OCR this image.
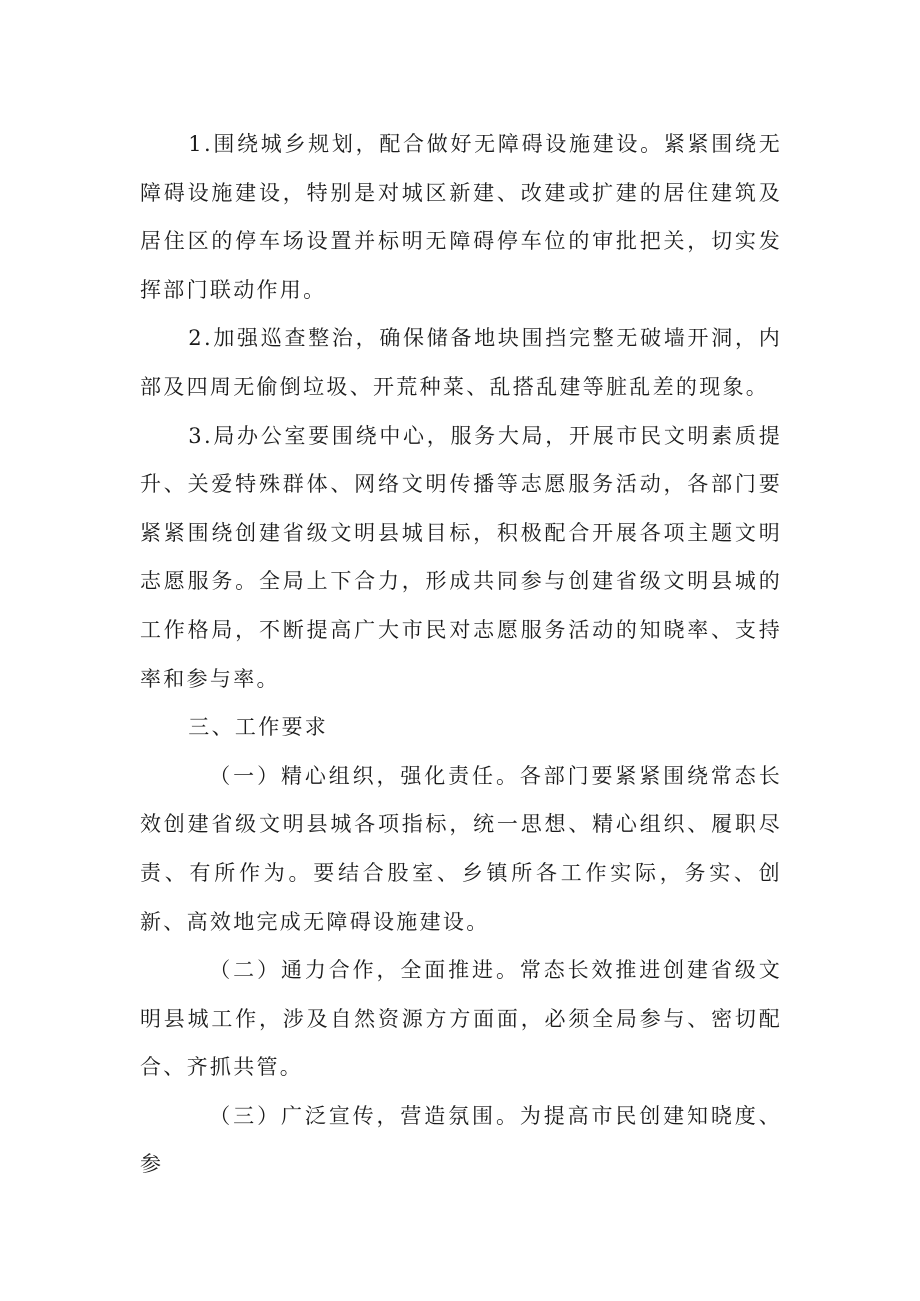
1.围绕城乡规划，配合做好无障碍设施建设。紧紧围绕无障碍设施建设，特别是对城区新建、改建或扩建的居住建筑及居住区的停车场设置并标明无障碍停车位的审批把关，切实发挥部门联动作用。

2.加强巡查整治，确保储备地块围挡完整无破墙开洞，内部及四周无偷倒垃圾、开荒种菜、乱搭乱建等脏乱差的现象。

3.局办公室要围绕中心，服务大局，开展市民文明素质提升、关爱特殊群体、网络文明传播等志愿服务活动，各部门要紧紧围绕创建省级文明县城目标，积极配合开展各项主题文明志愿服务。全局上下合力，形成共同参与创建省级文明县城的工作格局，不断提高广大市民对志愿服务活动的知晓率、支持率和参与率。

三、工作要求

（一）精心组织，强化责任。各部门要紧紧围绕常态长效创建省级文明县城各项指标，统一思想、精心组织、履职尽责、有所作为。要结合股室、乡镇所各工作实际，务实、创新、高效地完成无障碍设施建设。

（二）通力合作，全面推进。常态长效推进创建省级文明县城工作，涉及自然资源方方面面，必须全局参与、密切配合、齐抓共管。

（三）广泛宣传，营造氛围。为提高市民创建知晓度、参
